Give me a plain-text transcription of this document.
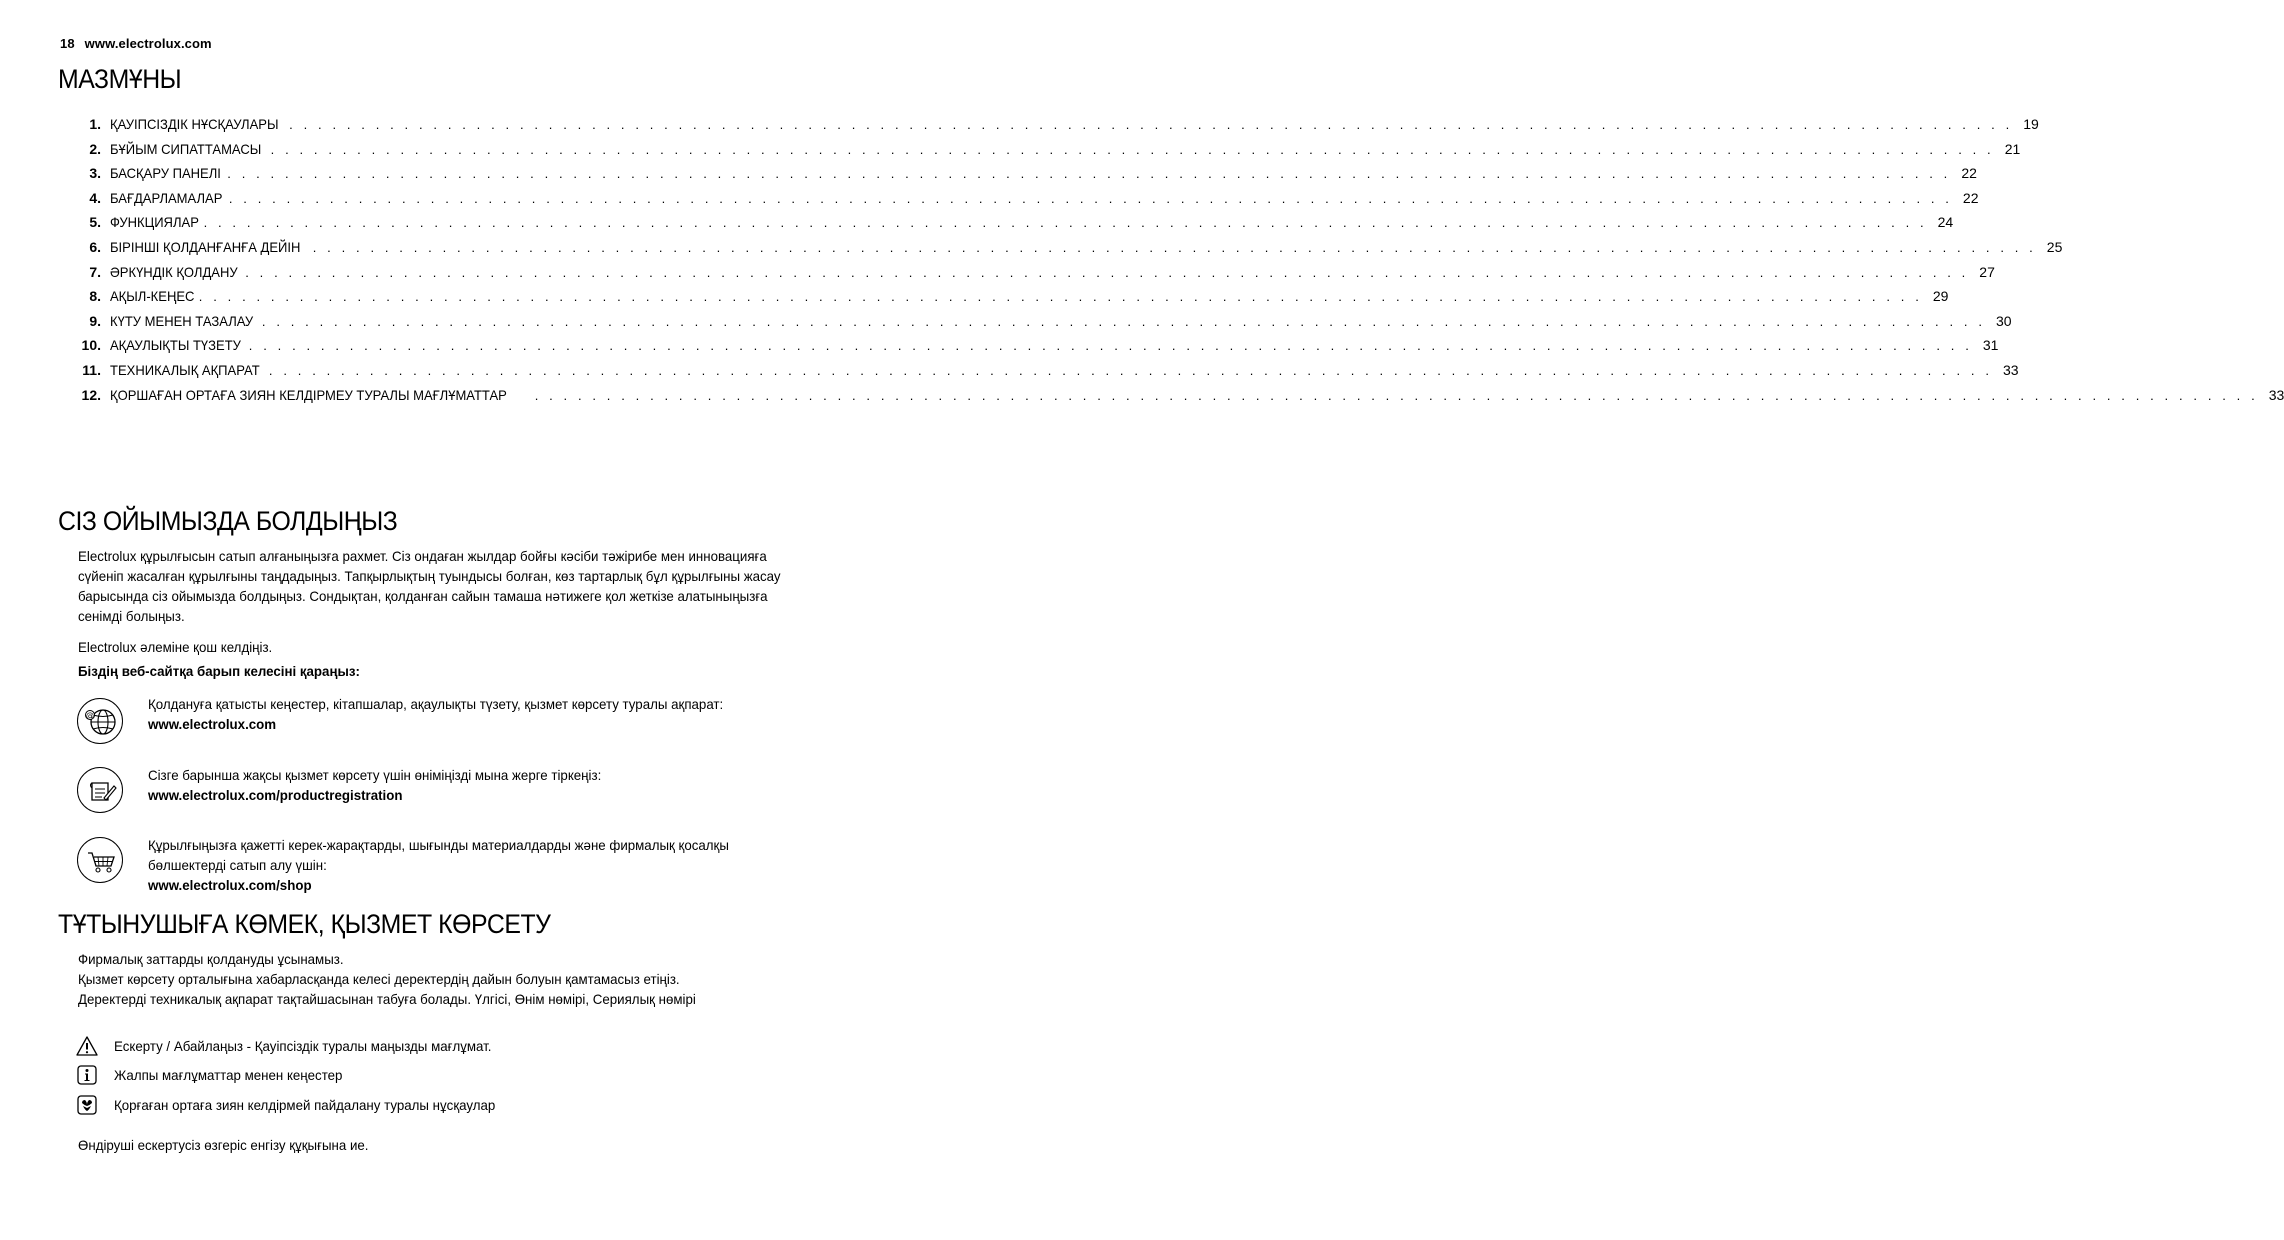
18 www.electrolux.com
МАЗМҰНЫ
1. ҚАУІПСІЗДІК НҰСҚАУЛАРЫ . . . . . . . . . . . . . . . . . . . . . . . . . . . . . . . . . . . . . . . . . . . . . . . . . . . . . . . . . . . . . . . . . . . . . . . . . . . . . . . . . . . . . . . . . . . . . . . . . . . . . . . . . . . . . . . . . . . . . . . . 19
2. БҰЙЫМ СИПАТТАМАСЫ . . . . . . . . . . . . . . . . . . . . . . . . . . . . . . . . . . . . . . . . . . . . . . . . . . . . . . . . . . . . . . . . . . . . . . . . . . . . . . . . . . . . . . . . . . . . . . . . . . . . . . . . . . . . . . . . . . . . . . . . 21
3. БАСҚАРУ ПАНЕЛІ . . . . . . . . . . . . . . . . . . . . . . . . . . . . . . . . . . . . . . . . . . . . . . . . . . . . . . . . . . . . . . . . . . . . . . . . . . . . . . . . . . . . . . . . . . . . . . . . . . . . . . . . . . . . . . . . . . . . . . . . 22
4. БАҒДАРЛАМАЛАР . . . . . . . . . . . . . . . . . . . . . . . . . . . . . . . . . . . . . . . . . . . . . . . . . . . . . . . . . . . . . . . . . . . . . . . . . . . . . . . . . . . . . . . . . . . . . . . . . . . . . . . . . . . . . . . . . . . . . . . . 22
5. ФУНКЦИЯЛАР . . . . . . . . . . . . . . . . . . . . . . . . . . . . . . . . . . . . . . . . . . . . . . . . . . . . . . . . . . . . . . . . . . . . . . . . . . . . . . . . . . . . . . . . . . . . . . . . . . . . . . . . . . . . . . . . . . . . . . . . 24
6. БІРІНШІ ҚОЛДАНҒАНҒА ДЕЙІН . . . . . . . . . . . . . . . . . . . . . . . . . . . . . . . . . . . . . . . . . . . . . . . . . . . . . . . . . . . . . . . . . . . . . . . . . . . . . . . . . . . . . . . . . . . . . . . . . . . . . . . . . . . . . . . . . . . . . . . . 25
7. ӘРКҮНДІК ҚОЛДАНУ . . . . . . . . . . . . . . . . . . . . . . . . . . . . . . . . . . . . . . . . . . . . . . . . . . . . . . . . . . . . . . . . . . . . . . . . . . . . . . . . . . . . . . . . . . . . . . . . . . . . . . . . . . . . . . . . . . . . . . . . 27
8. АҚЫЛ-КЕҢЕС . . . . . . . . . . . . . . . . . . . . . . . . . . . . . . . . . . . . . . . . . . . . . . . . . . . . . . . . . . . . . . . . . . . . . . . . . . . . . . . . . . . . . . . . . . . . . . . . . . . . . . . . . . . . . . . . . . . . . . . . 29
9. КҮТУ МЕНЕН ТАЗАЛАУ . . . . . . . . . . . . . . . . . . . . . . . . . . . . . . . . . . . . . . . . . . . . . . . . . . . . . . . . . . . . . . . . . . . . . . . . . . . . . . . . . . . . . . . . . . . . . . . . . . . . . . . . . . . . . . . . . . . . . . . . 30
10. АҚАУЛЫҚТЫ ТҮЗЕТУ . . . . . . . . . . . . . . . . . . . . . . . . . . . . . . . . . . . . . . . . . . . . . . . . . . . . . . . . . . . . . . . . . . . . . . . . . . . . . . . . . . . . . . . . . . . . . . . . . . . . . . . . . . . . . . . . . . . . . . . . 31
11. ТЕХНИКАЛЫҚ АҚПАРАТ . . . . . . . . . . . . . . . . . . . . . . . . . . . . . . . . . . . . . . . . . . . . . . . . . . . . . . . . . . . . . . . . . . . . . . . . . . . . . . . . . . . . . . . . . . . . . . . . . . . . . . . . . . . . . . . . . . . . . . . . 33
12. ҚОРШАҒАН ОРТАҒА ЗИЯН КЕЛДІРМЕУ ТУРАЛЫ МАҒЛҰМАТТАР . . . . . . . . . . . . . . . . . . . . . . . . . . . . . . . . . . . . . . . . . . . . . . . . . . . . . . . . . . . . . . . . . . . . . . . . . . . . . . . . . . . . . . . . . . . . . . . . . . . . . . . . . . . . . . . . . . . . . . . . 33
СІЗ ОЙЫМЫЗДА БОЛДЫҢЫЗ
Electrolux құрылғысын сатып алғаныңызға рахмет. Сіз ондаған жылдар бойғы кәсіби тәжірибе мен инновацияға сүйеніп жасалған құрылғыны таңдадыңыз. Тапқырлықтың туындысы болған, көз тартарлық бұл құрылғыны жасау барысында сіз ойымызда болдыңыз. Сондықтан, қолданған сайын тамаша нәтижеге қол жеткізе алатыныңызға сенімді болыңыз.
Electrolux әлеміне қош келдіңіз.
Біздің веб-сайтқа барып келесіні қараңыз:
@
Қолдануға қатысты кеңестер, кітапшалар, ақаулықты түзету, қызмет көрсету туралы ақпарат:
www.electrolux.com
Сізге барынша жақсы қызмет көрсету үшін өніміңізді мына жерге тіркеңіз:
www.electrolux.com/productregistration
Құрылғыңызға қажетті керек-жарақтарды, шығынды материалдарды және фирмалық қосалқы бөлшектерді сатып алу үшін:
www.electrolux.com/shop
ТҰТЫНУШЫҒА КӨМЕК, ҚЫЗМЕТ КӨРСЕТУ
Фирмалық заттарды қолдануды ұсынамыз.
Қызмет көрсету орталығына хабарласқанда келесі деректердің дайын болуын қамтамасыз етіңіз.
Деректерді техникалық ақпарат тақтайшасынан табуға болады. Үлгісі, Өнім нөмірі, Сериялық нөмірі
Ескерту / Абайлаңыз - Қауіпсіздік туралы маңызды мағлұмат.
Жалпы мағлұматтар менен кеңестер
Қорғаған ортаға зиян келдірмей пайдалану туралы нұсқаулар
Өндіруші ескертусіз өзгеріс енгізу құқығына ие.
